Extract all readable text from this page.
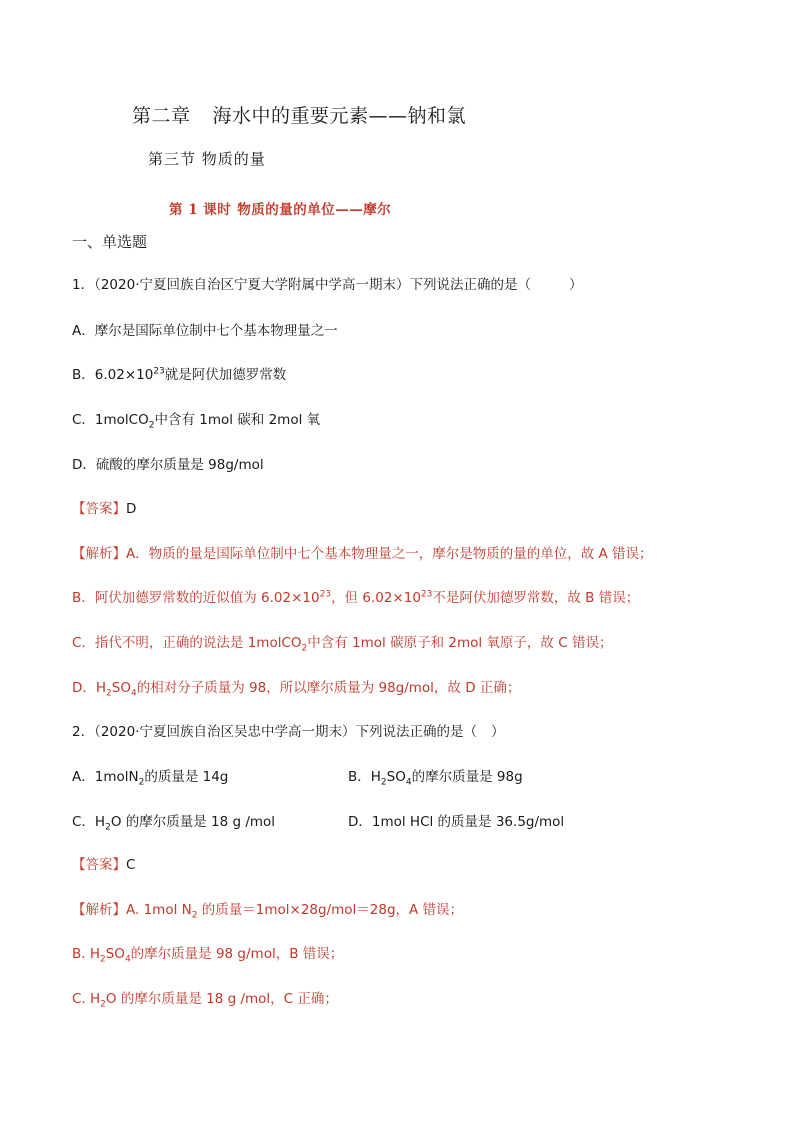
第二章 海水中的重要元素——钠和氯
第三节 物质的量
第 1 课时 物质的量的单位——摩尔
一、单选题
1．（2020·宁夏回族自治区宁夏大学附属中学高一期末）下列说法正确的是（	）
A．摩尔是国际单位制中七个基本物理量之一
B．$6.02\times 10^{23}$就是阿伏加德罗常数
C．1molCO$_2$中含有 1mol 碳和 2mol 氧
D．硫酸的摩尔质量是 98g/mol
【答案】D
【解析】A．物质的量是国际单位制中七个基本物理量之一，摩尔是物质的量的单位，故 A 错误；
B．阿伏加德罗常数的近似值为 $6.02\times 10^{23}$，但 $6.02\times 10^{23}$不是阿伏加德罗常数，故 B 错误；
C．指代不明，正确的说法是 1molCO$_2$中含有 1mol 碳原子和 2mol 氧原子，故 C 错误；
D．$H_2SO_4$的相对分子质量为 98，所以摩尔质量为 98g/mol，故 D 正确；
2．（2020·宁夏回族自治区吴忠中学高一期末）下列说法正确的是（ ）
A．1molN$_2$的质量是 14g	B．$H_2SO_4$的摩尔质量是 98g
C．$H_2O$ 的摩尔质量是 18 g /mol	D．1mol HCl 的质量是 36.5g/mol
【答案】C
【解析】A. 1mol $N_2$ 的质量＝1mol×28g/mol＝28g，A 错误；
B. $H_2SO_4$的摩尔质量是 98 g/mol，B 错误；
C. $H_2O$ 的摩尔质量是 18 g /mol，C 正确；
